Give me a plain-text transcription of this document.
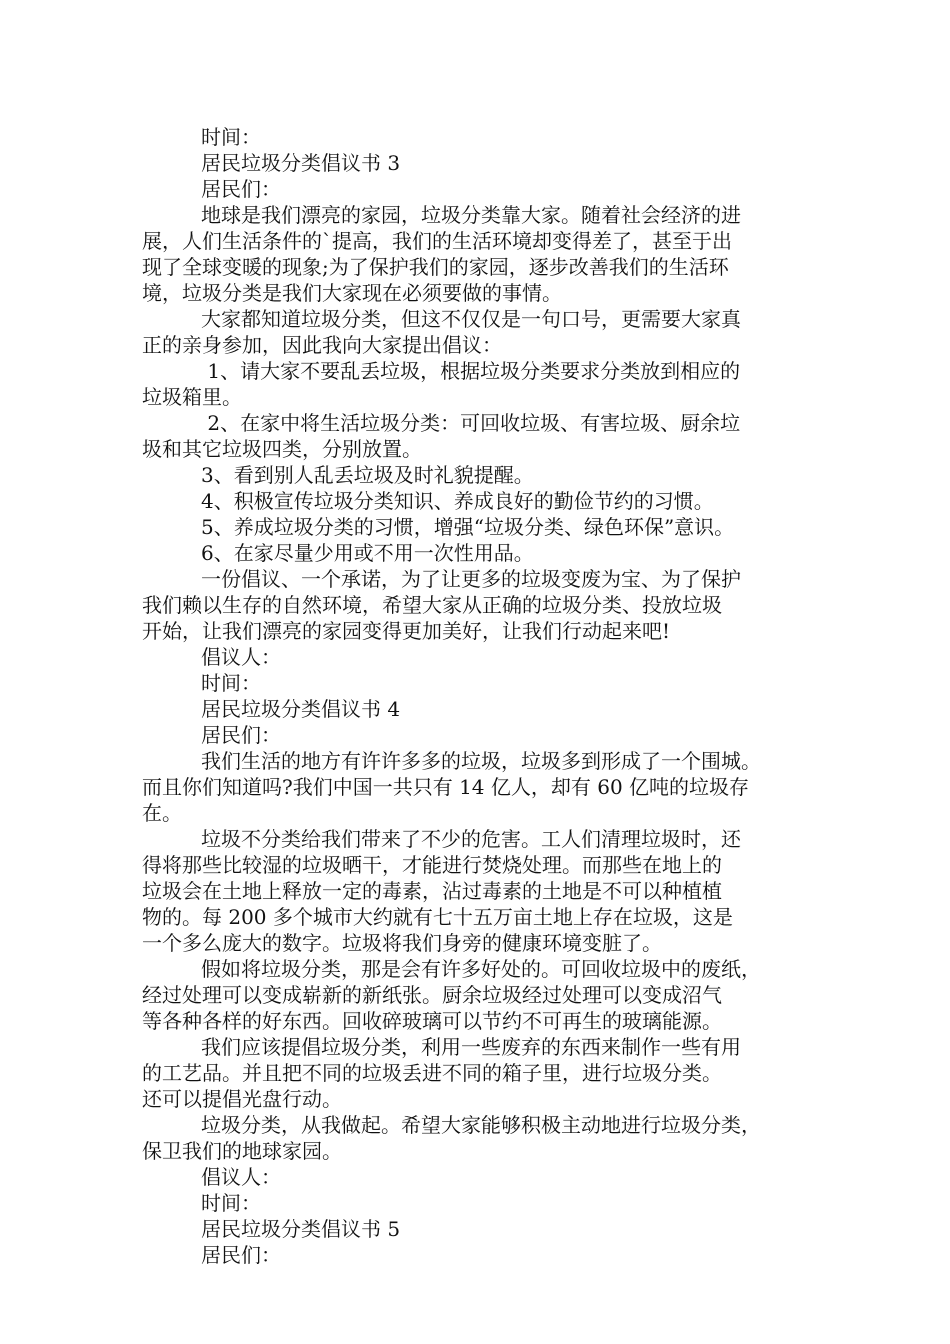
时间：

居民垃圾分类倡议书 3

居民们：

地球是我们漂亮的家园，垃圾分类靠大家。随着社会经济的进

展，人们生活条件的`提高，我们的生活环境却变得差了，甚至于出

现了全球变暖的现象;为了保护我们的家园，逐步改善我们的生活环

境，垃圾分类是我们大家现在必须要做的事情。

大家都知道垃圾分类，但这不仅仅是一句口号，更需要大家真

正的亲身参加，因此我向大家提出倡议：

1、请大家不要乱丢垃圾，根据垃圾分类要求分类放到相应的

垃圾箱里。

2、在家中将生活垃圾分类：可回收垃圾、有害垃圾、厨余垃

圾和其它垃圾四类，分别放置。

3、看到别人乱丢垃圾及时礼貌提醒。

4、积极宣传垃圾分类知识、养成良好的勤俭节约的习惯。

5、养成垃圾分类的习惯，增强“垃圾分类、绿色环保”意识。

6、在家尽量少用或不用一次性用品。

一份倡议、一个承诺，为了让更多的垃圾变废为宝、为了保护

我们赖以生存的自然环境，希望大家从正确的垃圾分类、投放垃圾

开始，让我们漂亮的家园变得更加美好，让我们行动起来吧!

倡议人：

时间：

居民垃圾分类倡议书 4

居民们：

我们生活的地方有许许多多的垃圾，垃圾多到形成了一个围城。

而且你们知道吗?我们中国一共只有 14 亿人，却有 60 亿吨的垃圾存

在。

垃圾不分类给我们带来了不少的危害。工人们清理垃圾时，还

得将那些比较湿的垃圾晒干，才能进行焚烧处理。而那些在地上的

垃圾会在土地上释放一定的毒素，沾过毒素的土地是不可以种植植

物的。每 200 多个城市大约就有七十五万亩土地上存在垃圾，这是

一个多么庞大的数字。垃圾将我们身旁的健康环境变脏了。

假如将垃圾分类，那是会有许多好处的。可回收垃圾中的废纸，

经过处理可以变成崭新的新纸张。厨余垃圾经过处理可以变成沼气

等各种各样的好东西。回收碎玻璃可以节约不可再生的玻璃能源。

我们应该提倡垃圾分类，利用一些废弃的东西来制作一些有用

的工艺品。并且把不同的垃圾丢进不同的箱子里，进行垃圾分类。

还可以提倡光盘行动。

垃圾分类，从我做起。希望大家能够积极主动地进行垃圾分类，

保卫我们的地球家园。

倡议人：

时间：

居民垃圾分类倡议书 5

居民们：
